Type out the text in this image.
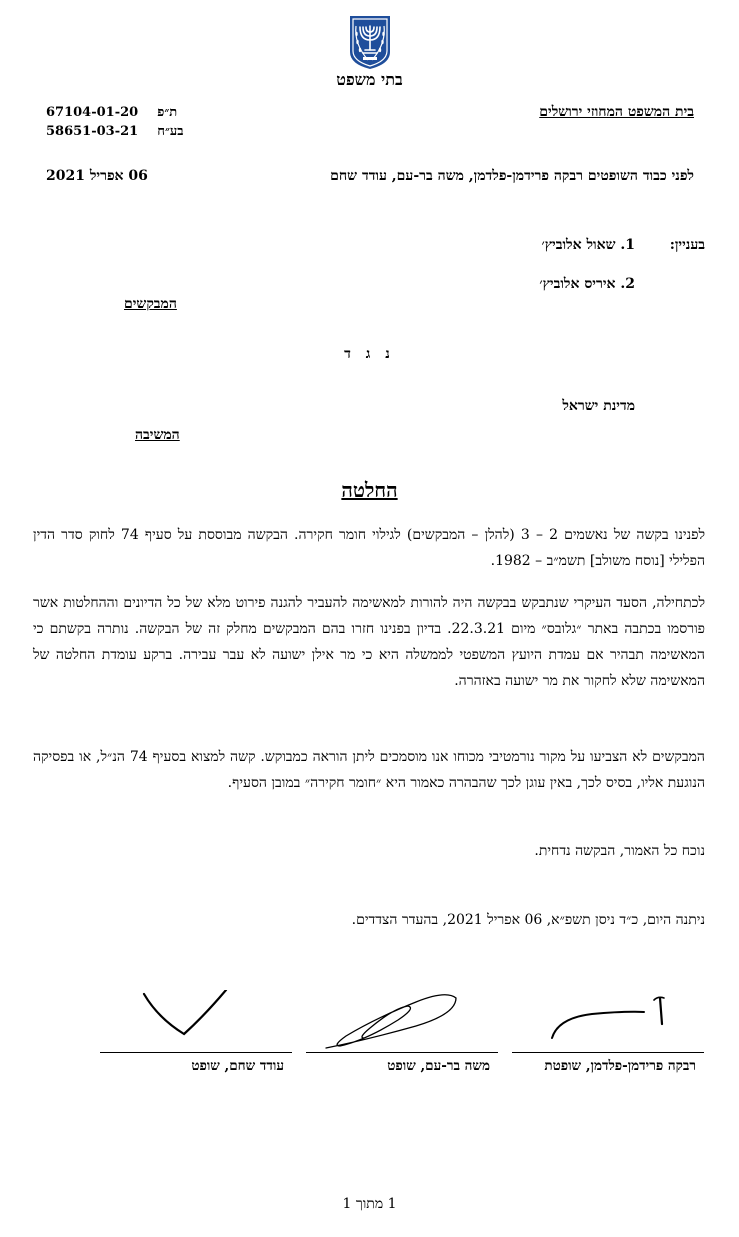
בתי משפט
בית המשפט המחוזי ירושלים
67104-01-20 ת״פ
58651-03-21 בע״ח
לפני כבוד השופטים רבקה פרידמן-פלדמן, משה בר-עם, עודד שחם
06 אפריל 2021
בעניין:
1. שאול אלוביץ׳
2. איריס אלוביץ׳
המבקשים
נ ג ד
מדינת ישראל
המשיבה
החלטה
לפנינו בקשה של נאשמים 2 – 3 (להלן – המבקשים) לגילוי חומר חקירה. הבקשה מבוססת על סעיף 74 לחוק סדר הדין הפלילי [נוסח משולב] תשמ״ב – 1982.
לכתחילה, הסעד העיקרי שנתבקש בבקשה היה להורות למאשימה להעביר להגנה פירוט מלא של כל הדיונים וההחלטות אשר פורסמו בכתבה באתר ״גלובס״ מיום 22.3.21. בדיון בפנינו חזרו בהם המבקשים מחלק זה של הבקשה. נותרה בקשתם כי המאשימה תבהיר אם עמדת היועץ המשפטי לממשלה היא כי מר אילן ישועה לא עבר עבירה. ברקע עומדת החלטה של המאשימה שלא לחקור את מר ישועה באזהרה.
המבקשים לא הצביעו על מקור נורמטיבי מכוחו אנו מוסמכים ליתן הוראה כמבוקש. קשה למצוא בסעיף 74 הנ״ל, או בפסיקה הנוגעת אליו, בסיס לכך, באין עוגן לכך שהבהרה כאמור היא ״חומר חקירה״ במובן הסעיף.
נוכח כל האמור, הבקשה נדחית.
ניתנה היום, כ״ד ניסן תשפ״א, 06 אפריל 2021, בהעדר הצדדים.
רבקה פרידמן-פלדמן, שופטת
משה בר-עם, שופט
עודד שחם, שופט
1 מתוך 1
